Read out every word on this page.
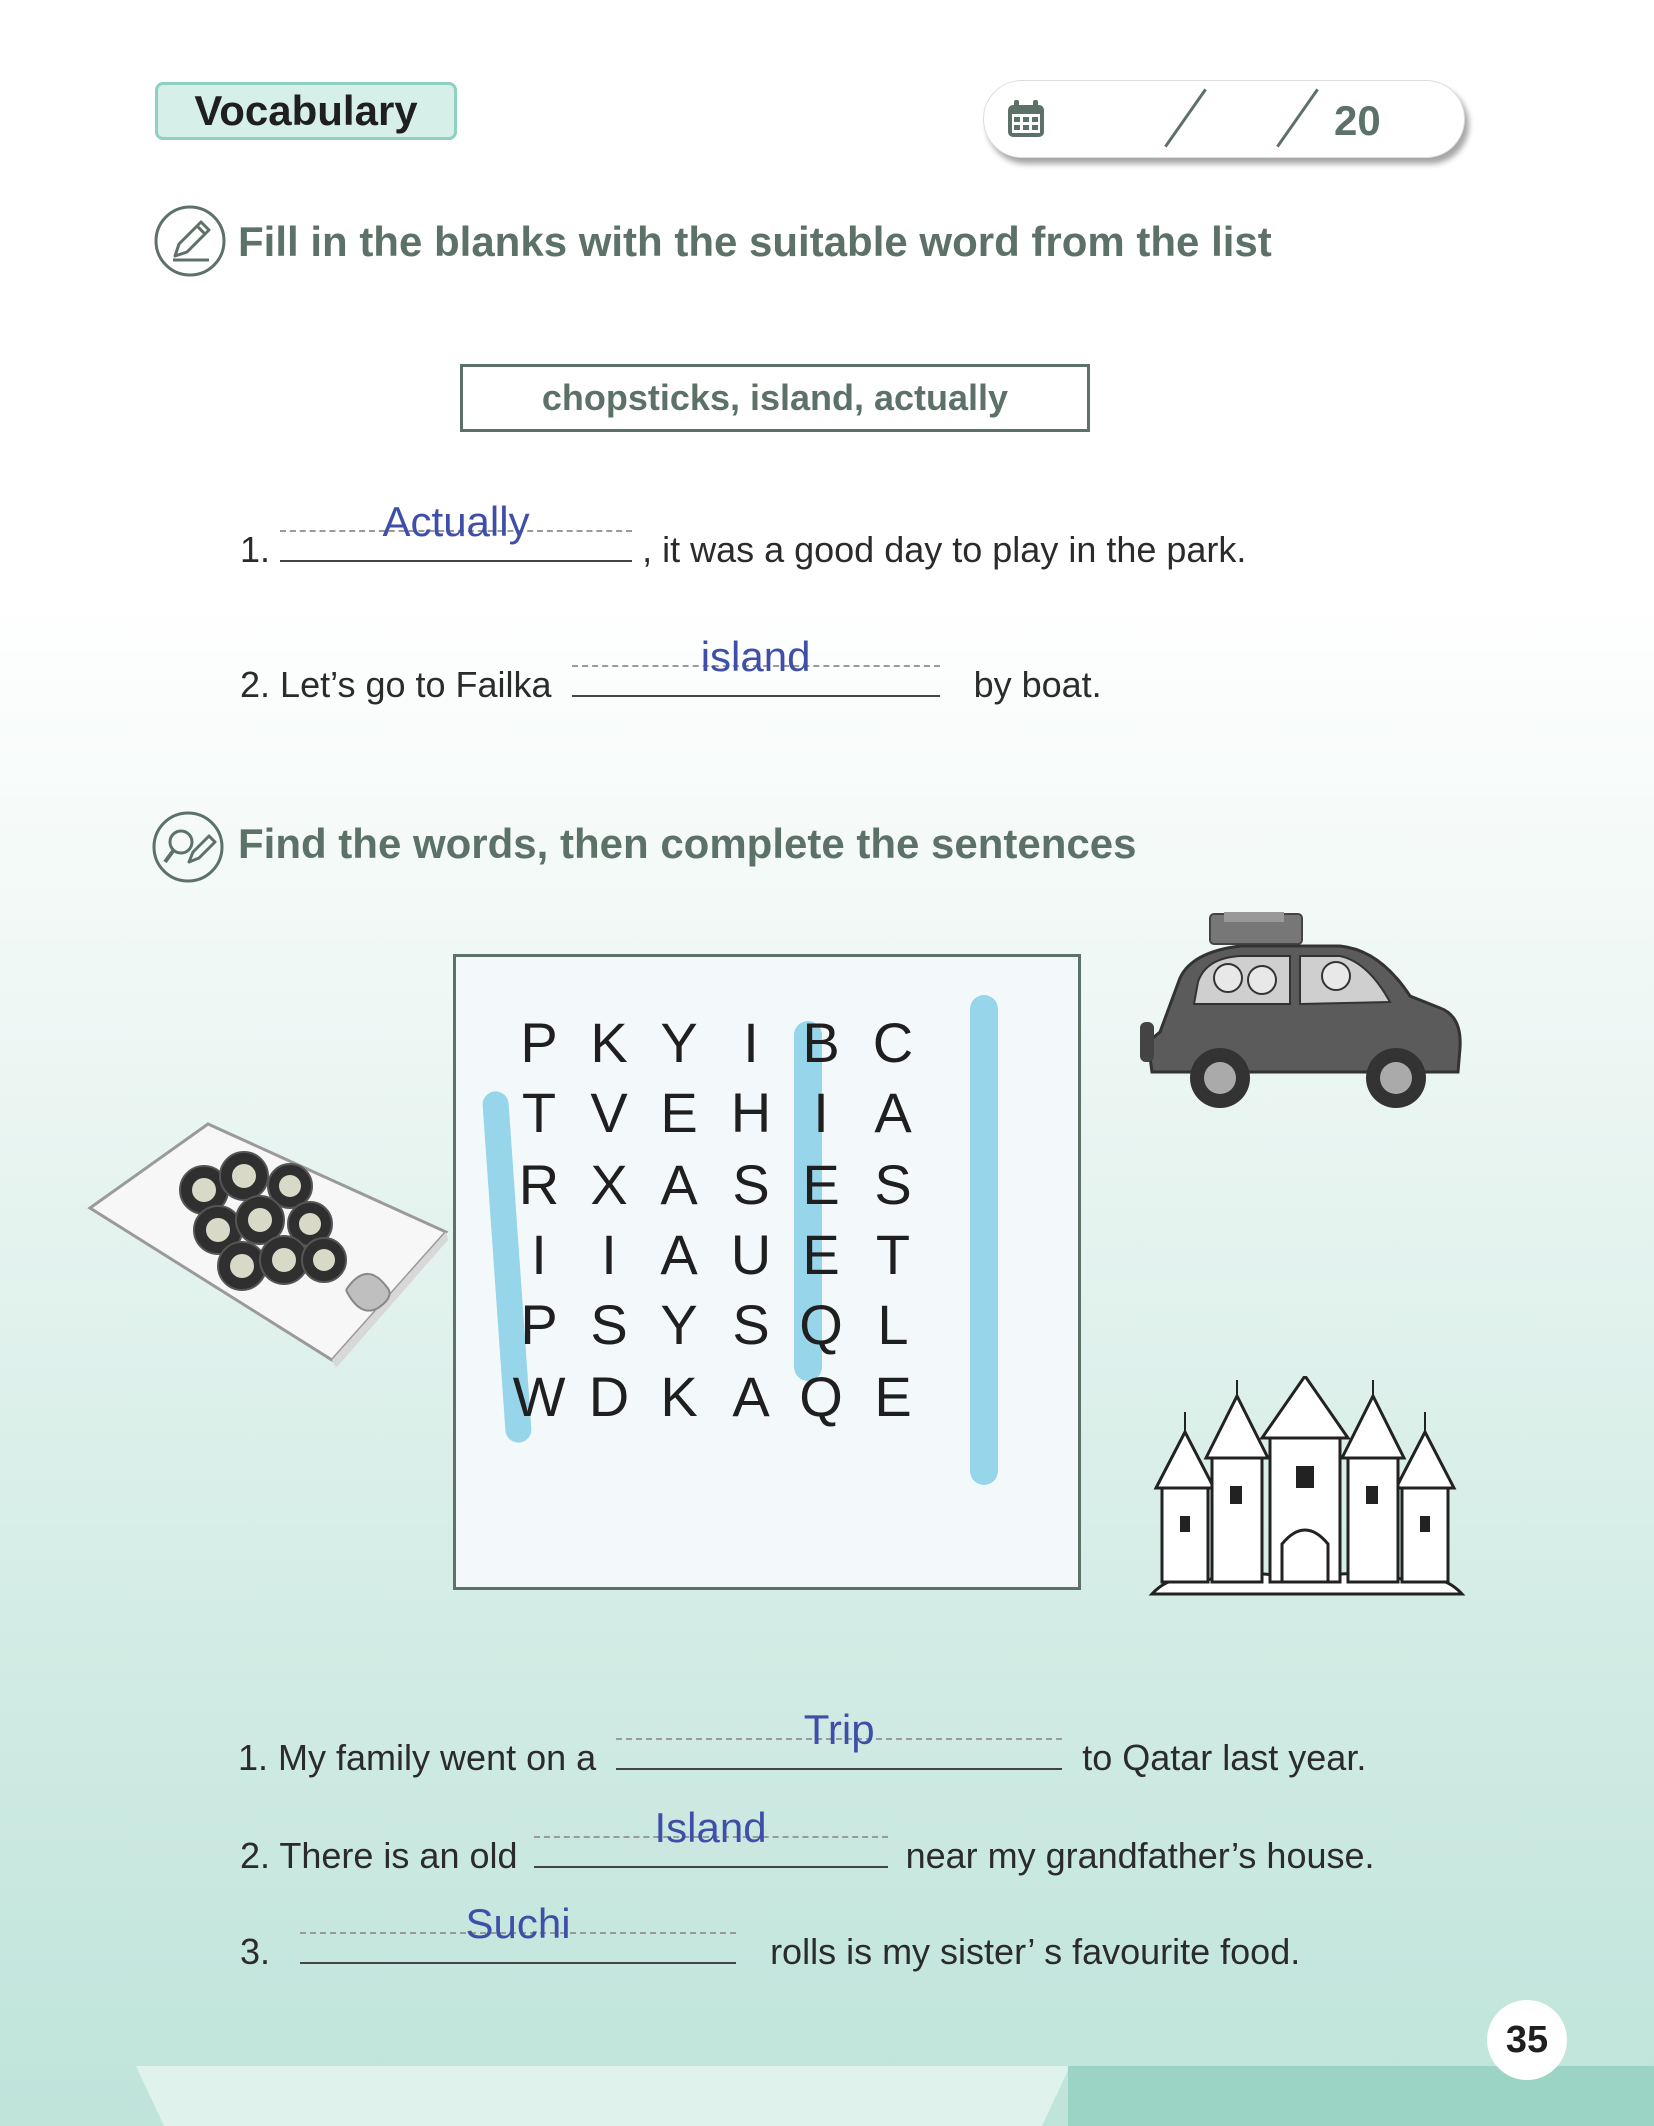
Vocabulary	20
Fill in the blanks with the suitable word from the list
chopsticks, island, actually
1.
Actually
, it was a good day to play in the park.
2. Let’s go to Failka
island
by boat.
Find the words, then complete the sentences
P K Y I B C
T V E H I A
R X A S E S
I I A U E T
P S Y S Q L
W D K A Q E
1. My family went on a
Trip
to Qatar last year.
2. There is an old
Island
near my grandfather’s house.
3.
Suchi
rolls is my sister’ s favourite food.
35
